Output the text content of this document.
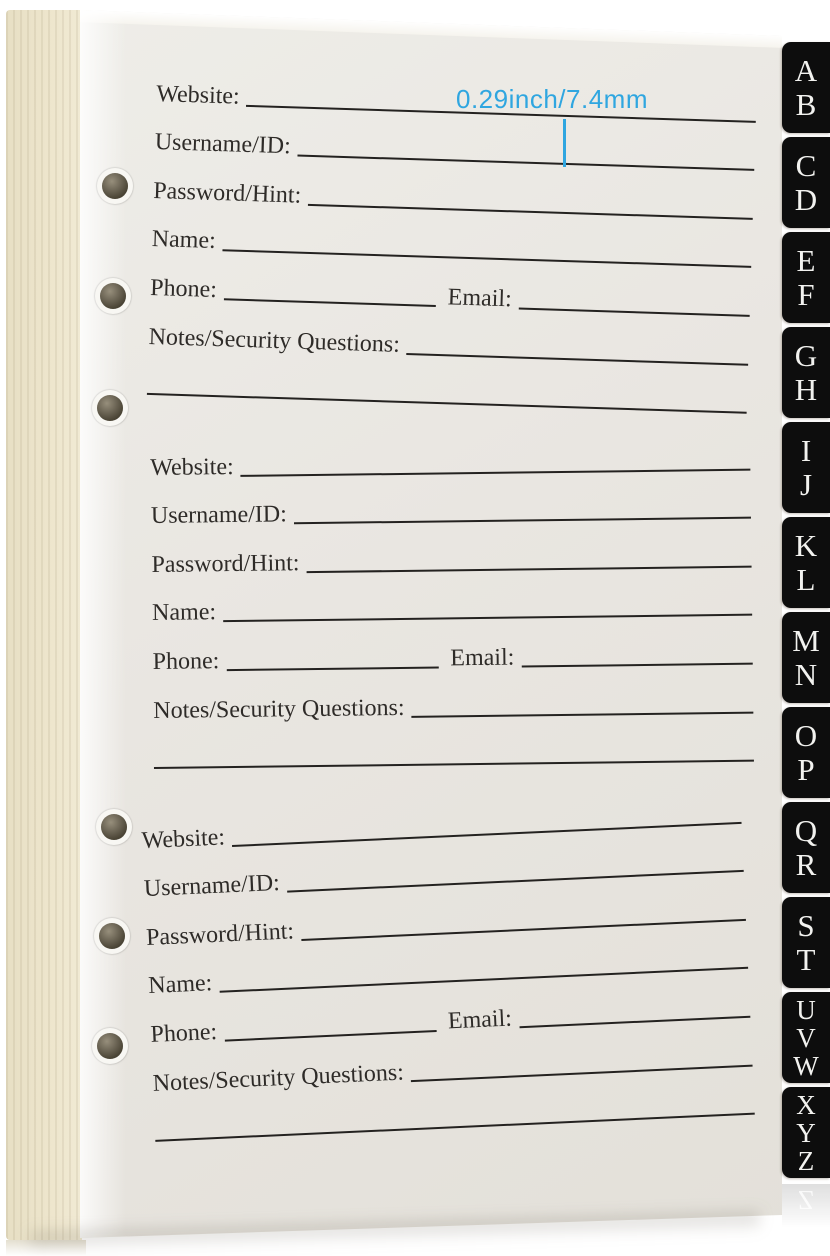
Website:
Username/ID:
Password/Hint:
Name:
Phone:	Email:
Notes/Security Questions:
Website:
Username/ID:
Password/Hint:
Name:
Phone:	Email:
Notes/Security Questions:
Website:
Username/ID:
Password/Hint:
Name:
Phone:	Email:
Notes/Security Questions:
0.29inch/7.4mm
A
B
C
D
E
F
G
H
I
J
K
L
M
N
O
P
Q
R
S
T
U
V
W
X
Y
Z
Z
